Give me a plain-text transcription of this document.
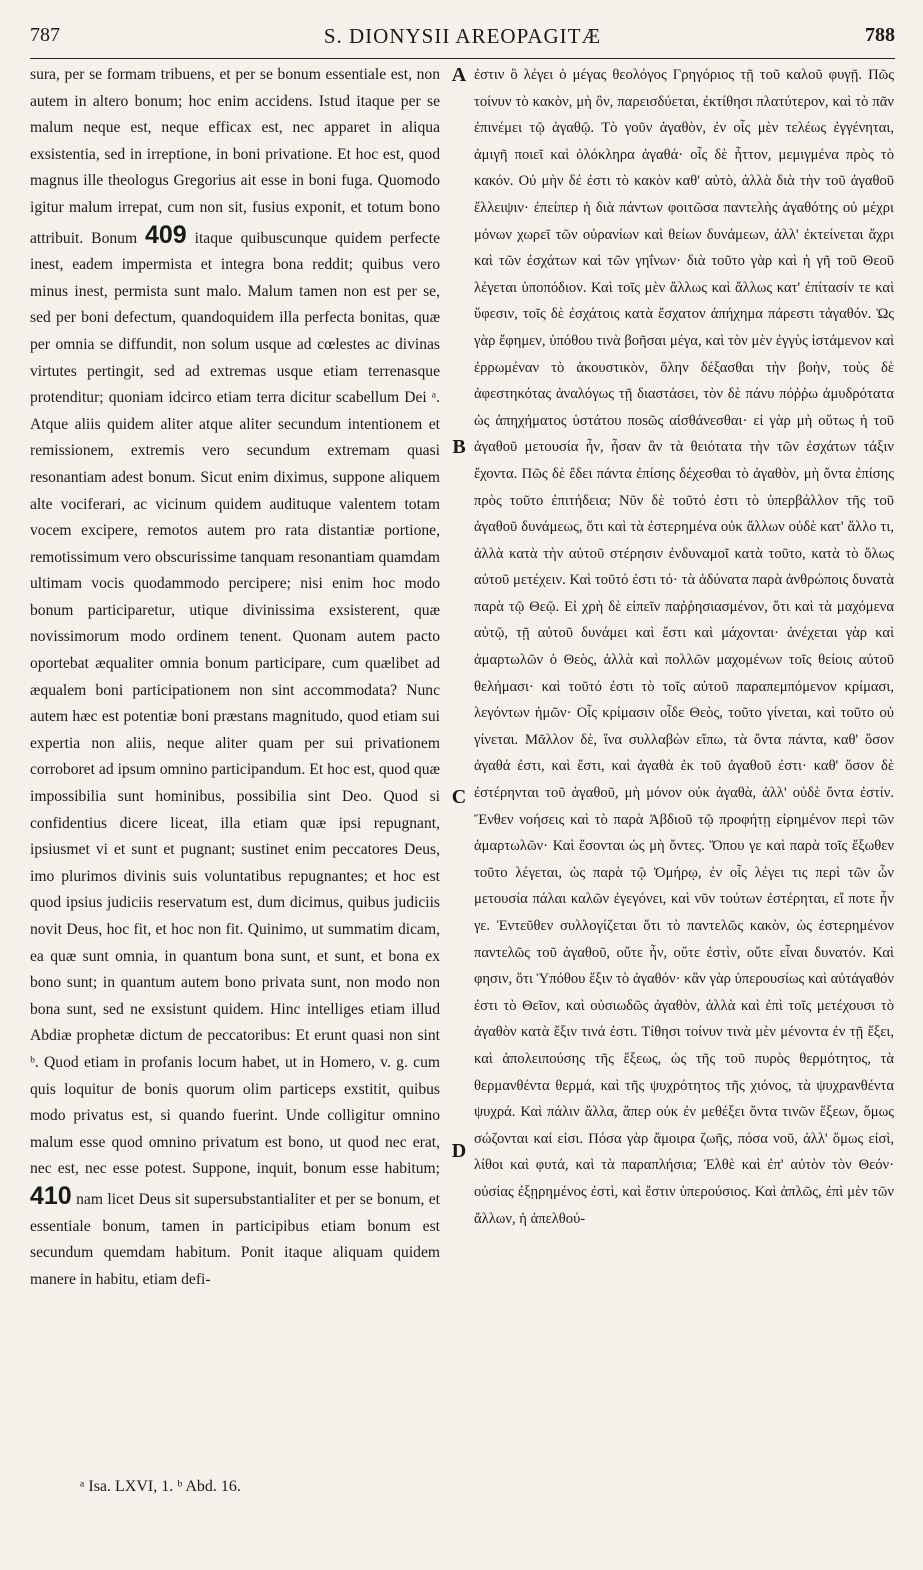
787	S. DIONYSII AREOPAGITÆ	788

sura, per se formam tribuens, et per se bonum essentiale est, non autem in altero bonum; hoc enim accidens. Istud itaque per se malum neque est, neque efficax est, nec apparet in aliqua exsistentia, sed in irreptione, in boni privatione. Et hoc est, quod magnus ille theologus Gregorius ait esse in boni fuga. Quomodo igitur malum irrepat, cum non sit, fusius exponit, et totum bono attribuit. Bonum 409 itaque quibuscunque quidem perfecte inest, eadem impermista et integra bona reddit; quibus vero minus inest, permista sunt malo. Malum tamen non est per se, sed per boni defectum, quandoquidem illa perfecta bonitas, quæ per omnia se diffundit, non solum usque ad cœlestes ac divinas virtutes pertingit, sed ad extremas usque etiam terrenasque protenditur; quoniam idcirco etiam terra dicitur scabellum Dei ᵃ. Atque aliis quidem aliter atque aliter secundum intentionem et remissionem, extremis vero secundum extremam quasi resonantiam adest bonum. Sicut enim diximus, suppone aliquem alte vociferari, ac vicinum quidem audituque valentem totam vocem excipere, remotos autem pro rata distantiæ portione, remotissimum vero obscurissime tanquam resonantiam quamdam ultimam vocis quodammodo percipere; nisi enim hoc modo bonum participaretur, utique divinissima exsisterent, quæ novissimorum modo ordinem tenent. Quonam autem pacto oportebat æqualiter omnia bonum participare, cum quælibet ad æqualem boni participationem non sint accommodata? Nunc autem hæc est potentiæ boni præstans magnitudo, quod etiam sui expertia non aliis, neque aliter quam per sui privationem corroboret ad ipsum omnino participandum. Et hoc est, quod quæ impossibilia sunt hominibus, possibilia sint Deo. Quod si confidentius dicere liceat, illa etiam quæ ipsi repugnant, ipsiusmet vi et sunt et pugnant; sustinet enim peccatores Deus, imo plurimos divinis suis voluntatibus repugnantes; et hoc est quod ipsius judiciis reservatum est, dum dicimus, quibus judiciis novit Deus, hoc fit, et hoc non fit. Quinimo, ut summatim dicam, ea quæ sunt omnia, in quantum bona sunt, et sunt, et bona ex bono sunt; in quantum autem bono privata sunt, non modo non bona sunt, sed ne exsistunt quidem. Hinc intelliges etiam illud Abdiæ prophetæ dictum de peccatoribus: Et erunt quasi non sint ᵇ. Quod etiam in profanis locum habet, ut in Homero, v. g. cum quis loquitur de bonis quorum olim particeps exstitit, quibus modo privatus est, si quando fuerint. Unde colligitur omnino malum esse quod omnino privatum est bono, ut quod nec erat, nec est, nec esse potest. Suppone, inquit, bonum esse habitum; 410 nam licet Deus sit supersubstantialiter et per se bonum, et essentiale bonum, tamen in participibus etiam bonum est secundum quemdam habitum. Ponit itaque aliquam quidem manere in habitu, etiam defi-

A
B
C
D

ἐστιν ὃ λέγει ὁ μέγας θεολόγος Γρηγόριος τῇ τοῦ καλοῦ φυγῇ. Πῶς τοίνυν τὸ κακὸν, μὴ ὂν, παρεισδύεται, ἐκτίθησι πλατύτερον, καὶ τὸ πᾶν ἐπινέμει τῷ ἀγαθῷ. Τὸ γοῦν ἀγαθὸν, ἐν οἷς μὲν τελέως ἐγγένηται, ἀμιγῆ ποιεῖ καὶ ὁλόκληρα ἀγαθά· οἷς δὲ ἧττον, μεμιγμένα πρὸς τὸ κακόν. Οὐ μὴν δέ ἐστι τὸ κακὸν καθ' αὑτὸ, ἀλλὰ διὰ τὴν τοῦ ἀγαθοῦ ἔλλειψιν· ἐπείπερ ἡ διὰ πάντων φοιτῶσα παντελὴς ἀγαθότης οὐ μέχρι μόνων χωρεῖ τῶν οὐρανίων καὶ θείων δυνάμεων, ἀλλ' ἐκτείνεται ἄχρι καὶ τῶν ἐσχάτων καὶ τῶν γηΐνων· διὰ τοῦτο γὰρ καὶ ἡ γῆ τοῦ Θεοῦ λέγεται ὑποπόδιον. Καὶ τοῖς μὲν ἄλλως καὶ ἄλλως κατ' ἐπίτασίν τε καὶ ὕφεσιν, τοῖς δὲ ἐσχάτοις κατὰ ἔσχατον ἀπήχημα πάρεστι τἀγαθόν. Ὡς γὰρ ἔφημεν, ὑπόθου τινὰ βοῆσαι μέγα, καὶ τὸν μὲν ἐγγὺς ἱστάμενον καὶ ἐρρωμέναν τὸ ἀκουστικὸν, ὅλην δέξασθαι τὴν βοὴν, τοὺς δὲ ἀφεστηκότας ἀναλόγως τῇ διαστάσει, τὸν δὲ πάνυ πόῤῥω ἀμυδρότατα ὡς ἀπηχήματος ὑστάτου πosῶς αἰσθάνεσθαι· εἰ γὰρ μὴ οὕτως ἡ τοῦ ἀγαθοῦ μετουσία ἦν, ἦσαν ἂν τὰ θειότατα τὴν τῶν ἐσχάτων τάξιν ἔχοντα. Πῶς δὲ ἔδει πάντα ἐπίσης δέχεσθαι τὸ ἀγαθὸν, μὴ ὄντα ἐπίσης πρὸς τοῦτο ἐπιτήδεια; Νῦν δὲ τοῦτό ἐστι τὸ ὑπερβάλλον τῆς τοῦ ἀγαθοῦ δυνάμεως, ὅτι καὶ τὰ ἐστερημένα οὐκ ἄλλων οὐδὲ κατ' ἄλλο τι, ἀλλὰ κατὰ τὴν αὐτοῦ στέρησιν ἐνδυναμοῖ κατὰ τοῦτο, κατὰ τὸ ὅλως αὐτοῦ μετέχειν. Καὶ τοῦτό ἐστι τό· τὰ ἀδύνατα παρὰ ἀνθρώποις δυνατὰ παρὰ τῷ Θεῷ. Εἰ χρὴ δὲ εἰπεῖν παῤῥησιασμένον, ὅτι καὶ τὰ μαχόμενα αὐτῷ, τῇ αὐτοῦ δυνάμει καὶ ἔστι καὶ μάχονται· ἀνέχεται γὰρ καὶ ἁμαρτωλῶν ὁ Θεὸς, ἀλλὰ καὶ πολλῶν μαχομένων τοῖς θείοις αὐτοῦ θελήμασι· καὶ τοῦτό ἐστι τὸ τοῖς αὐτοῦ παραπεμπόμενον κρίμασι, λεγόντων ἡμῶν· Οἷς κρίμασιν οἶδε Θεὸς, τοῦτο γίνεται, καὶ τοῦτο οὐ γίνεται. Μᾶλλον δὲ, ἵνα συλλαβὼν εἴπω, τὰ ὄντα πάντα, καθ' ὅσον ἀγαθά ἐστι, καὶ ἔστι, καὶ ἀγαθὰ ἐκ τοῦ ἀγαθοῦ ἐστι· καθ' ὅσον δὲ ἐστέρηνται τοῦ ἀγαθοῦ, μὴ μόνον οὐκ ἀγαθὰ, ἀλλ' οὐδὲ ὄντα ἐστίν. Ἔνθεν νοήσεις καὶ τὸ παρὰ Ἀβδιοῦ τῷ προφήτῃ εἰρημένον περὶ τῶν ἁμαρτωλῶν· Καὶ ἔσονται ὡς μὴ ὄντες. Ὅπου γε καὶ παρὰ τοῖς ἔξωθεν τοῦτο λέγεται, ὡς παρὰ τῷ Ὁμήρῳ, ἐν οἷς λέγει τις περὶ τῶν ὧν μετουσία πάλαι καλῶν ἐγεγόνει, καὶ νῦν τούτων ἐστέρηται, εἴ ποτε ἦν γε. Ἐντεῦθεν συλλογίζεται ὅτι τὸ παντελῶς κακὸν, ὡς ἐστερημένον παντελῶς τοῦ ἀγαθοῦ, οὔτε ἦν, οὔτε ἐστὶν, οὔτε εἶναι δυνατόν. Καὶ φησιν, ὅτι Ὑπόθου ἕξιν τὸ ἀγαθόν· κἂν γὰρ ὑπερουσίως καὶ αὐτάγαθόν ἐστι τὸ Θεῖον, καὶ οὐσιωδῶς ἀγαθὸν, ἀλλὰ καὶ ἐπὶ τοῖς μετέχουσι τὸ ἀγαθὸν κατὰ ἕξιν τινά ἐστι. Τίθησι τοίνυν τινὰ μὲν μένοντα ἐν τῇ ἕξει, καὶ ἀπολειπούσης τῆς ἕξεως, ὡς τῆς τοῦ πυρὸς θερμότητος, τὰ θερμανθέντα θερμά, καὶ τῆς ψυχρότητος τῆς χιόνος, τὰ ψυχρανθέντα ψυχρά. Καὶ πάλιν ἄλλα, ἅπερ οὐκ ἐν μεθέξει ὄντα τινῶν ἕξεων, ὅμως σώζονται καί εἰσι. Πόσα γὰρ ἄμοιρα ζωῆς, πόσα νοῦ, ἀλλ' ὅμως εἰσὶ, λίθοι καὶ φυτά, καὶ τὰ παραπλήσια; Ἐλθὲ καὶ ἐπ' αὐτὸν τὸν Θεόν· οὐσίας ἐξῃρημένος ἐστὶ, καὶ ἔστιν ὑπερούσιος. Καὶ ἁπλῶς, ἐπὶ μὲν τῶν ἄλλων, ἡ ἀπελθού-

ᵃ Isa. LXVI, 1. ᵇ Abd. 16.
